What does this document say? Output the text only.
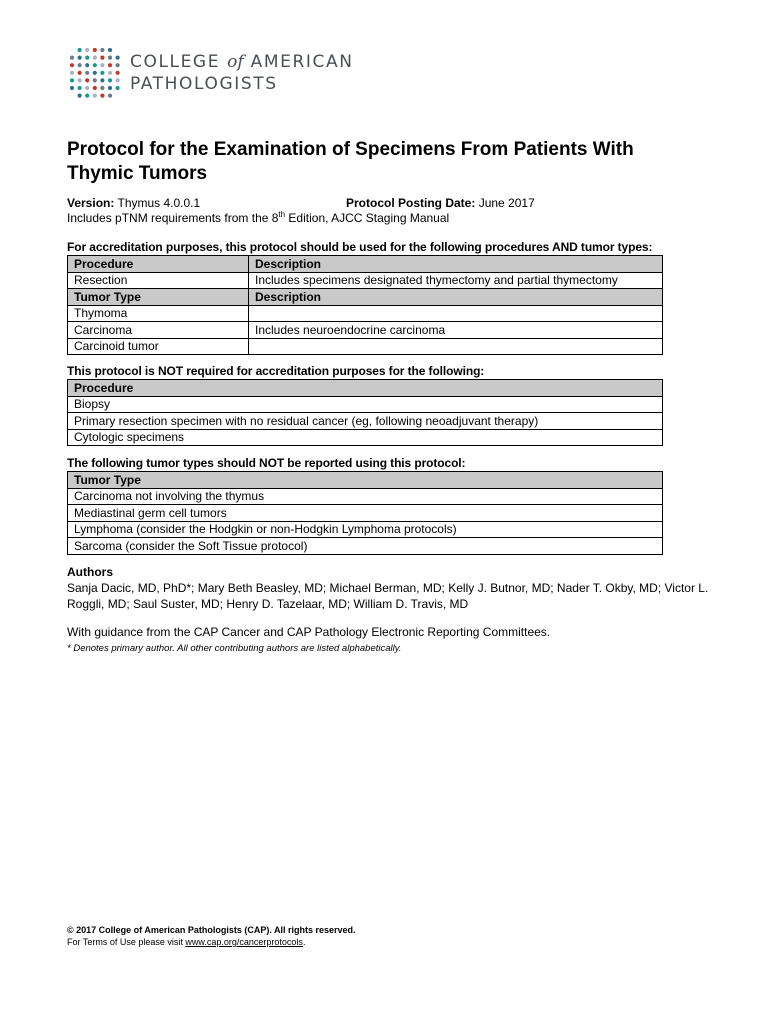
COLLEGE of AMERICAN
PATHOLOGISTS
Protocol for the Examination of Specimens From Patients With Thymic Tumors
Version: Thymus 4.0.0.1	Protocol Posting Date: June 2017
Includes pTNM requirements from the 8th Edition, AJCC Staging Manual
For accreditation purposes, this protocol should be used for the following procedures AND tumor types:
Procedure	Description
Resection	Includes specimens designated thymectomy and partial thymectomy
Tumor Type	Description
Thymoma	
Carcinoma	Includes neuroendocrine carcinoma
Carcinoid tumor	
This protocol is NOT required for accreditation purposes for the following:
Procedure
Biopsy
Primary resection specimen with no residual cancer (eg, following neoadjuvant therapy)
Cytologic specimens
The following tumor types should NOT be reported using this protocol:
Tumor Type
Carcinoma not involving the thymus
Mediastinal germ cell tumors
Lymphoma (consider the Hodgkin or non-Hodgkin Lymphoma protocols)
Sarcoma (consider the Soft Tissue protocol)
Authors
Sanja Dacic, MD, PhD*; Mary Beth Beasley, MD; Michael Berman, MD; Kelly J. Butnor, MD; Nader T. Okby, MD; Victor L. Roggli, MD; Saul Suster, MD; Henry D. Tazelaar, MD; William D. Travis, MD
With guidance from the CAP Cancer and CAP Pathology Electronic Reporting Committees.
* Denotes primary author. All other contributing authors are listed alphabetically.
© 2017 College of American Pathologists (CAP). All rights reserved.
For Terms of Use please visit www.cap.org/cancerprotocols.
